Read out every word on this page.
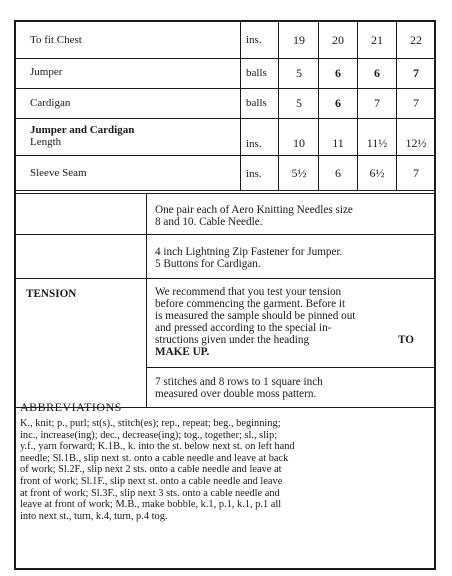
To fit Chest	ins.	19	20	21	22
Jumper	balls	5	6	6	7
Cardigan	balls	5	6	7	7
Jumper and Cardigan
Length	ins.	10	11	11½	12½
Sleeve Seam	ins.	5½	6	6½	7
One pair each of Aero Knitting Needles size
8 and 10. Cable Needle.
4 inch Lightning Zip Fastener for Jumper.
5 Buttons for Cardigan.
TENSION	We recommend that you test your tension
before commencing the garment. Before it
is measured the sample should be pinned out
and pressed according to the special in-
structions given under the heading	TO
MAKE UP.
7 stitches and 8 rows to 1 square inch
measured over double moss pattern.
ABBREVIATIONS
K., knit; p., purl; st(s)., stitch(es); rep., repeat; beg., beginning;
inc., increase(ing); dec., decrease(ing); tog., together; sl., slip;
y.f., yarn forward; K.1B., k. into the st. below next st. on left hand
needle; Sl.1B., slip next st. onto a cable needle and leave at back
of work; Sl.2F., slip next 2 sts. onto a cable needle and leave at
front of work; Sl.1F., slip next st. onto a cable needle and leave
at front of work; Sl.3F., slip next 3 sts. onto a cable needle and
leave at front of work; M.B., make bobble, k.1, p.1, k.1, p.1 all
into next st., turn, k.4, turn, p.4 tog.
